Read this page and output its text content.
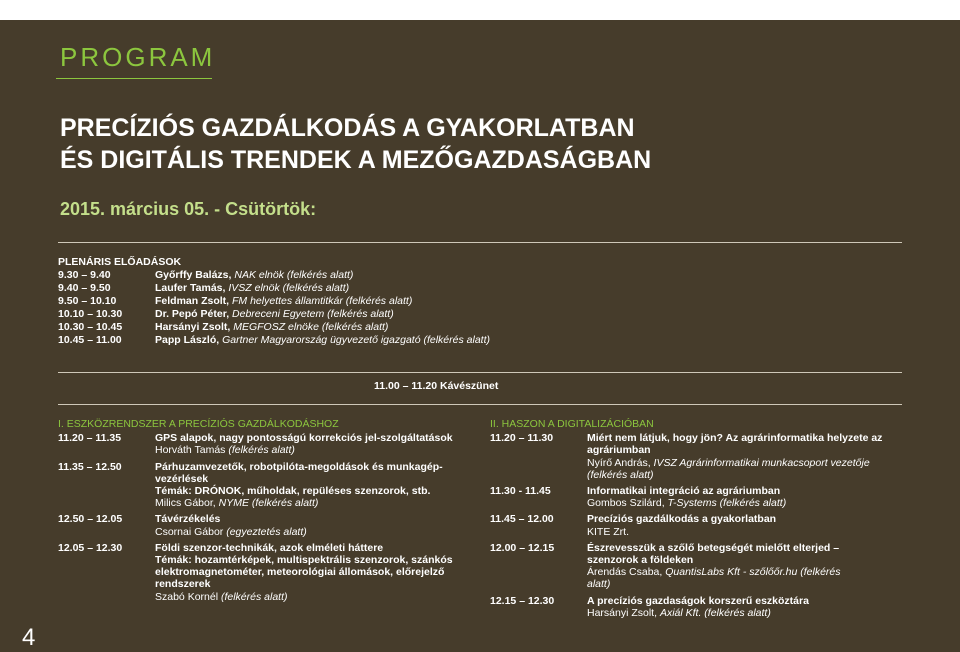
PROGRAM
PRECÍZIÓS GAZDÁLKODÁS A GYAKORLATBAN
ÉS DIGITÁLIS TRENDEK A MEZŐGAZDASÁGBAN
2015. március 05. - Csütörtök:
PLENÁRIS ELŐADÁSOK
9.30 – 9.40	Győrffy Balázs, NAK elnök (felkérés alatt)
9.40 – 9.50	Laufer Tamás, IVSZ elnök (felkérés alatt)
9.50 – 10.10	Feldman Zsolt, FM helyettes államtitkár (felkérés alatt)
10.10 – 10.30	Dr. Pepó Péter, Debreceni Egyetem (felkérés alatt)
10.30 – 10.45	Harsányi Zsolt, MEGFOSZ elnöke (felkérés alatt)
10.45 – 11.00	Papp László, Gartner Magyarország ügyvezető igazgató (felkérés alatt)
11.00 – 11.20 Kávészünet
I. ESZKÖZRENDSZER A PRECÍZIÓS GAZDÁLKODÁSHOZ
11.20 – 11.35	GPS alapok, nagy pontosságú korrekciós jel-szolgáltatások
Horváth Tamás (felkérés alatt)
11.35 – 12.50	Párhuzamvezetők, robotpilóta-megoldások és munkagép-vezérlések
Témák: DRÓNOK, műholdak, repüléses szenzorok, stb.
Milics Gábor, NYME (felkérés alatt)
12.50 – 12.05	Távérzékelés
Csornai Gábor (egyeztetés alatt)
12.05 – 12.30	Földi szenzor-technikák, azok elméleti háttere
Témák: hozamtérképek, multispektrális szenzorok, szánkós elektromagnetométer, meteorológiai állomások, előrejelző rendszerek
Szabó Kornél (felkérés alatt)
II. HASZON A DIGITALIZÁCIÓBAN
11.20 – 11.30	Miért nem látjuk, hogy jön? Az agrárinformatika helyzete az agráriumban
Nyírő András, IVSZ Agrárinformatikai munkacsoport vezetője (felkérés alatt)
11.30 - 11.45	Informatikai integráció az agráriumban
Gombos Szilárd, T-Systems (felkérés alatt)
11.45 – 12.00	Precíziós gazdálkodás a gyakorlatban
KITE Zrt.
12.00 – 12.15	Észrevesszük a szőlő betegségét mielőtt elterjed – szenzorok a földeken
Árendás Csaba, QuantisLabs Kft - szőlőőr.hu (felkérés alatt)
12.15 – 12.30	A precíziós gazdaságok korszerű eszköztára
Harsányi Zsolt, Axiál Kft. (felkérés alatt)
4
